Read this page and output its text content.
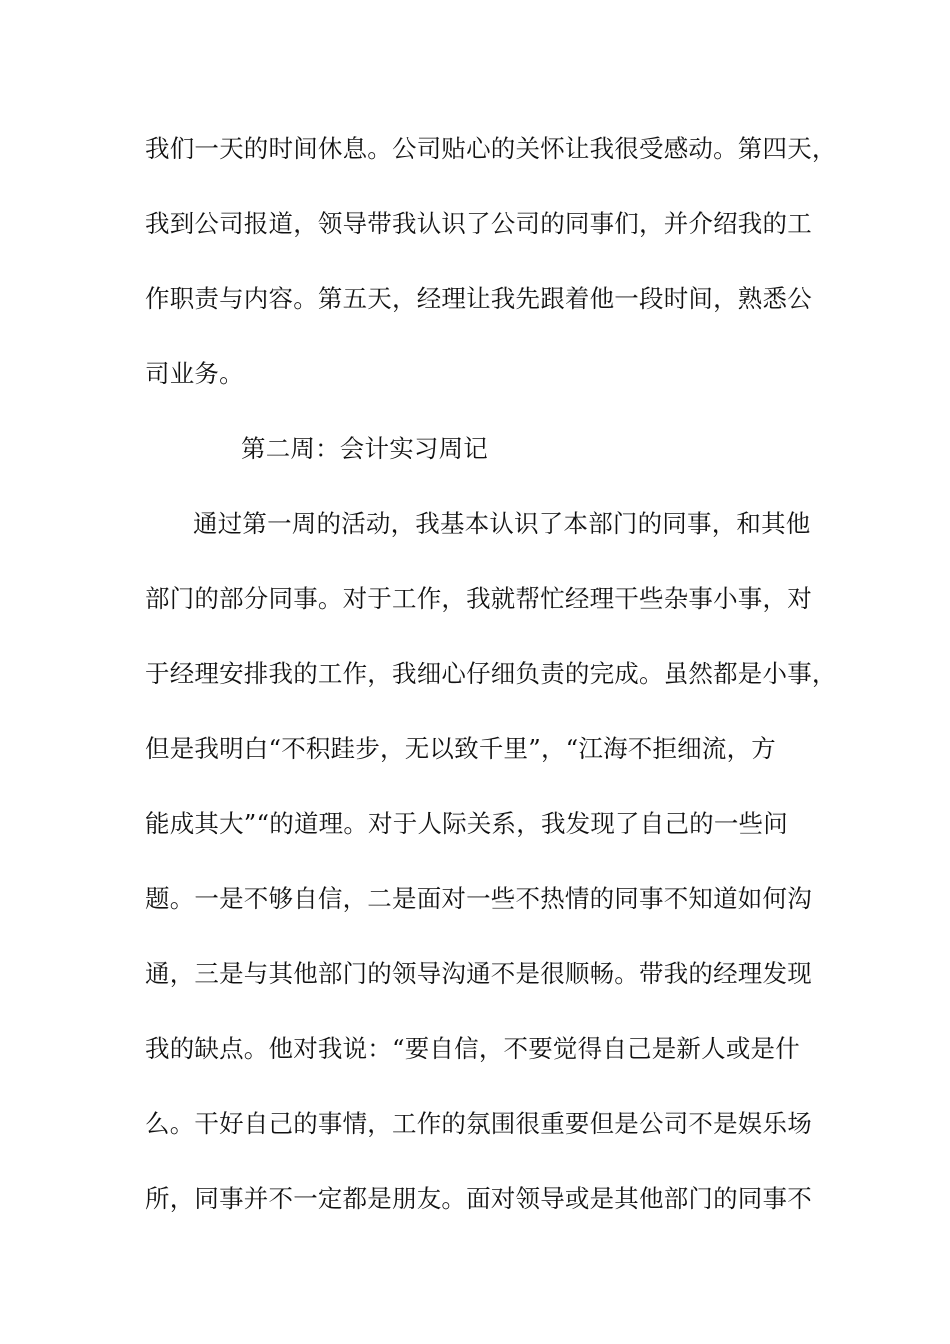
我们一天的时间休息。公司贴心的关怀让我很受感动。第四天，
我到公司报道，领导带我认识了公司的同事们，并介绍我的工
作职责与内容。第五天，经理让我先跟着他一段时间，熟悉公
司业务。
第二周：会计实习周记
通过第一周的活动，我基本认识了本部门的同事，和其他
部门的部分同事。对于工作，我就帮忙经理干些杂事小事，对
于经理安排我的工作，我细心仔细负责的完成。虽然都是小事，
但是我明白“不积跬步，无以致千里”，“江海不拒细流，方
能成其大”“的道理。对于人际关系，我发现了自己的一些问
题。一是不够自信，二是面对一些不热情的同事不知道如何沟
通，三是与其他部门的领导沟通不是很顺畅。带我的经理发现
我的缺点。他对我说：“要自信，不要觉得自己是新人或是什
么。干好自己的事情，工作的氛围很重要但是公司不是娱乐场
所，同事并不一定都是朋友。面对领导或是其他部门的同事不
